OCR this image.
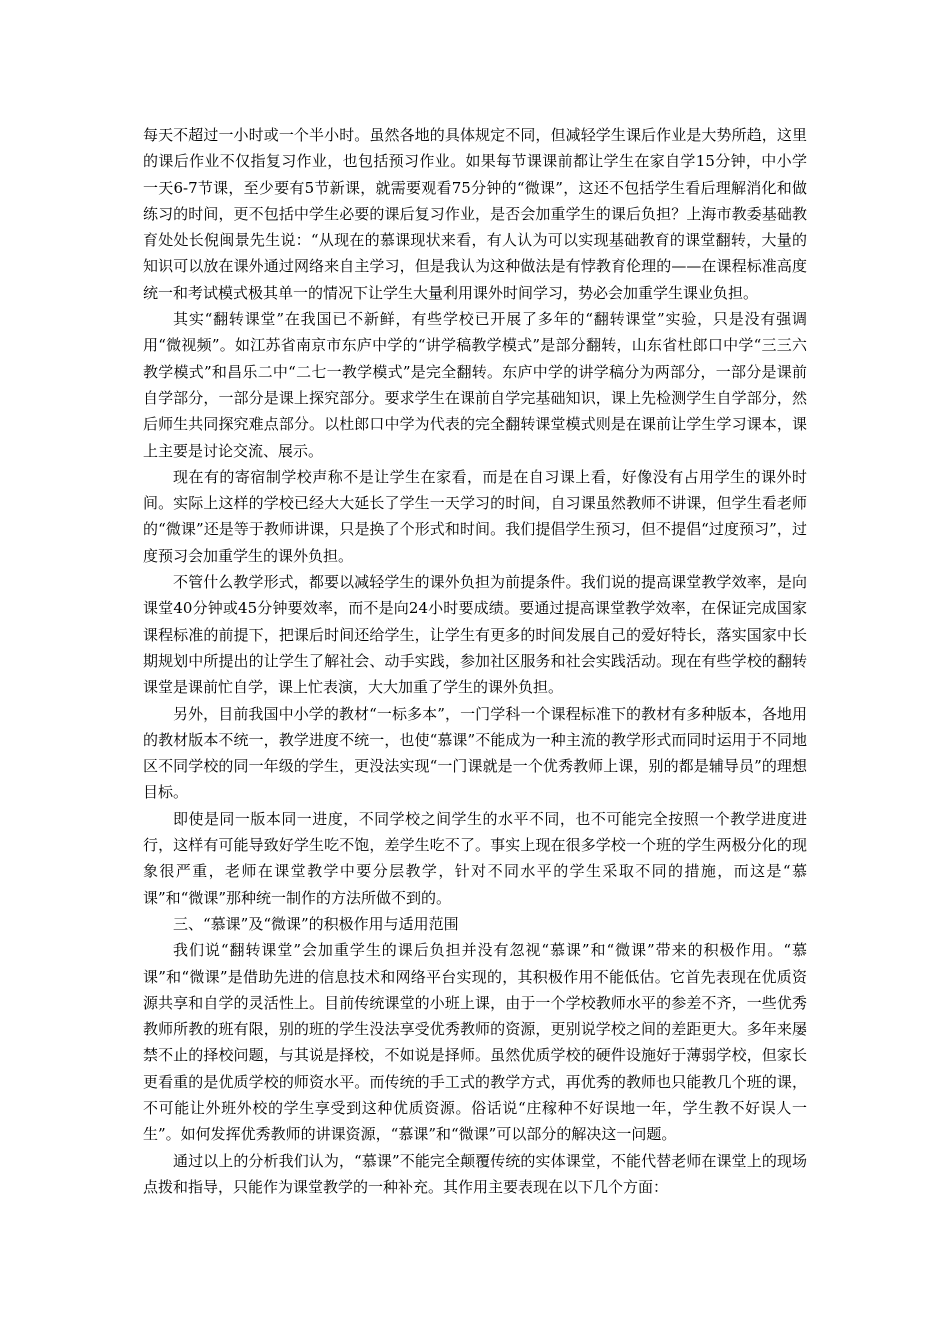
每天不超过一小时或一个半小时。虽然各地的具体规定不同，但减轻学生课后作业是大势所趋，这里的课后作业不仅指复习作业，也包括预习作业。如果每节课课前都让学生在家自学15分钟，中小学一天6-7节课，至少要有5节新课，就需要观看75分钟的“微课”，这还不包括学生看后理解消化和做练习的时间，更不包括中学生必要的课后复习作业，是否会加重学生的课后负担？上海市教委基础教育处处长倪闽景先生说：“从现在的慕课现状来看，有人认为可以实现基础教育的课堂翻转，大量的知识可以放在课外通过网络来自主学习，但是我认为这种做法是有悖教育伦理的——在课程标准高度统一和考试模式极其单一的情况下让学生大量利用课外时间学习，势必会加重学生课业负担。

其实“翻转课堂”在我国已不新鲜，有些学校已开展了多年的“翻转课堂”实验，只是没有强调用“微视频”。如江苏省南京市东庐中学的“讲学稿教学模式”是部分翻转，山东省杜郎口中学“三三六教学模式”和昌乐二中“二七一教学模式”是完全翻转。东庐中学的讲学稿分为两部分，一部分是课前自学部分，一部分是课上探究部分。要求学生在课前自学完基础知识，课上先检测学生自学部分，然后师生共同探究难点部分。以杜郎口中学为代表的完全翻转课堂模式则是在课前让学生学习课本，课上主要是讨论交流、展示。

现在有的寄宿制学校声称不是让学生在家看，而是在自习课上看，好像没有占用学生的课外时间。实际上这样的学校已经大大延长了学生一天学习的时间，自习课虽然教师不讲课，但学生看老师的“微课”还是等于教师讲课，只是换了个形式和时间。我们提倡学生预习，但不提倡“过度预习”，过度预习会加重学生的课外负担。

不管什么教学形式，都要以减轻学生的课外负担为前提条件。我们说的提高课堂教学效率，是向课堂40分钟或45分钟要效率，而不是向24小时要成绩。要通过提高课堂教学效率，在保证完成国家课程标准的前提下，把课后时间还给学生，让学生有更多的时间发展自己的爱好特长，落实国家中长期规划中所提出的让学生了解社会、动手实践，参加社区服务和社会实践活动。现在有些学校的翻转课堂是课前忙自学，课上忙表演，大大加重了学生的课外负担。

另外，目前我国中小学的教材“一标多本”，一门学科一个课程标准下的教材有多种版本，各地用的教材版本不统一，教学进度不统一，也使“慕课”不能成为一种主流的教学形式而同时运用于不同地区不同学校的同一年级的学生，更没法实现“一门课就是一个优秀教师上课，别的都是辅导员”的理想目标。

即使是同一版本同一进度，不同学校之间学生的水平不同，也不可能完全按照一个教学进度进行，这样有可能导致好学生吃不饱，差学生吃不了。事实上现在很多学校一个班的学生两极分化的现象很严重，老师在课堂教学中要分层教学，针对不同水平的学生采取不同的措施，而这是“慕课”和“微课”那种统一制作的方法所做不到的。

三、“慕课”及“微课”的积极作用与适用范围

我们说“翻转课堂”会加重学生的课后负担并没有忽视“慕课”和“微课”带来的积极作用。“慕课”和“微课”是借助先进的信息技术和网络平台实现的，其积极作用不能低估。它首先表现在优质资源共享和自学的灵活性上。目前传统课堂的小班上课，由于一个学校教师水平的参差不齐，一些优秀教师所教的班有限，别的班的学生没法享受优秀教师的资源，更别说学校之间的差距更大。多年来屡禁不止的择校问题，与其说是择校，不如说是择师。虽然优质学校的硬件设施好于薄弱学校，但家长更看重的是优质学校的师资水平。而传统的手工式的教学方式，再优秀的教师也只能教几个班的课，不可能让外班外校的学生享受到这种优质资源。俗话说“庄稼种不好误地一年，学生教不好误人一生”。如何发挥优秀教师的讲课资源，“慕课”和“微课”可以部分的解决这一问题。

通过以上的分析我们认为，“慕课”不能完全颠覆传统的实体课堂，不能代替老师在课堂上的现场点拨和指导，只能作为课堂教学的一种补充。其作用主要表现在以下几个方面：
